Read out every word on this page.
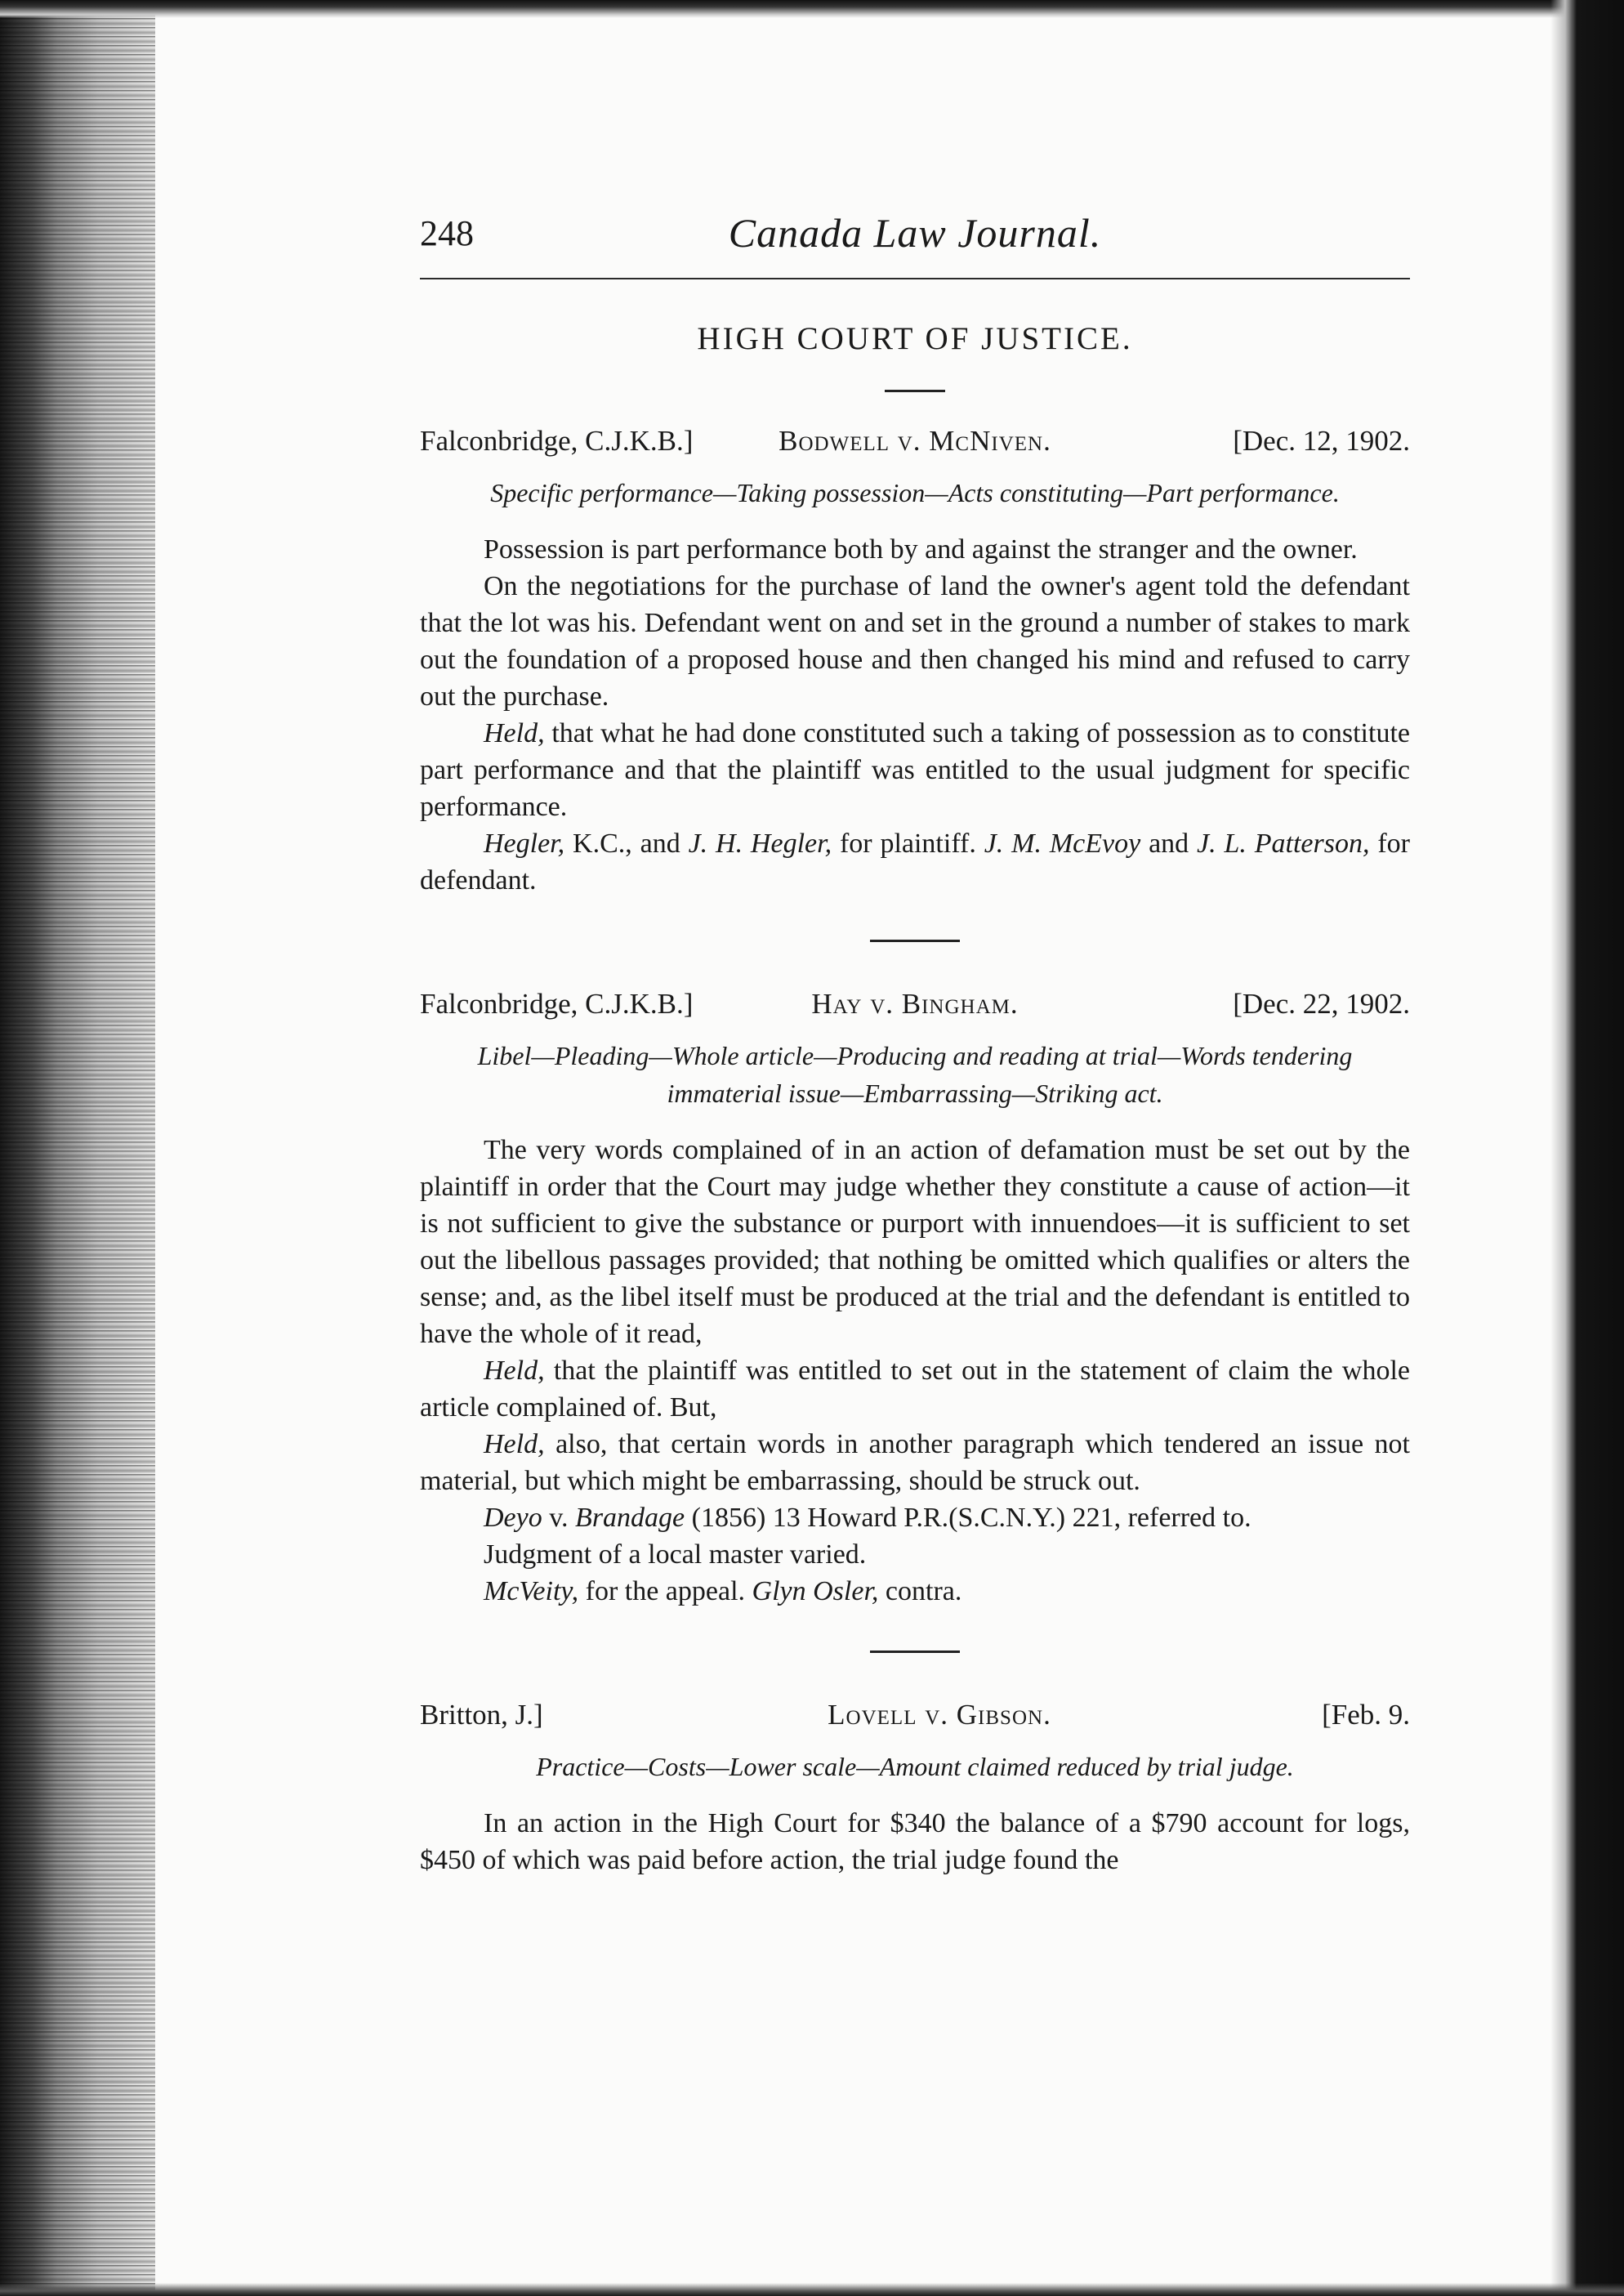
248	Canada Law Journal.
HIGH COURT OF JUSTICE.
Falconbridge, C.J.K.B.]	Bodwell v. McNiven.	[Dec. 12, 1902.
Specific performance—Taking possession—Acts constituting—Part performance.

Possession is part performance both by and against the stranger and the owner.

On the negotiations for the purchase of land the owner's agent told the defendant that the lot was his. Defendant went on and set in the ground a number of stakes to mark out the foundation of a proposed house and then changed his mind and refused to carry out the purchase.

Held, that what he had done constituted such a taking of possession as to constitute part performance and that the plaintiff was entitled to the usual judgment for specific performance.

Hegler, K.C., and J. H. Hegler, for plaintiff. J. M. McEvoy and J. L. Patterson, for defendant.

Falconbridge, C.J.K.B.]	Hay v. Bingham.	[Dec. 22, 1902.
Libel—Pleading—Whole article—Producing and reading at trial—Words tendering immaterial issue—Embarrassing—Striking act.

The very words complained of in an action of defamation must be set out by the plaintiff in order that the Court may judge whether they constitute a cause of action—it is not sufficient to give the substance or purport with innuendoes—it is sufficient to set out the libellous passages provided; that nothing be omitted which qualifies or alters the sense; and, as the libel itself must be produced at the trial and the defendant is entitled to have the whole of it read,

Held, that the plaintiff was entitled to set out in the statement of claim the whole article complained of. But,

Held, also, that certain words in another paragraph which tendered an issue not material, but which might be embarrassing, should be struck out.

Deyo v. Brandage (1856) 13 Howard P.R.(S.C.N.Y.) 221, referred to.

Judgment of a local master varied.

McVeity, for the appeal. Glyn Osler, contra.

Britton, J.]	Lovell v. Gibson.	[Feb. 9.
Practice—Costs—Lower scale—Amount claimed reduced by trial judge.

In an action in the High Court for $340 the balance of a $790 account for logs, $450 of which was paid before action, the trial judge found the
